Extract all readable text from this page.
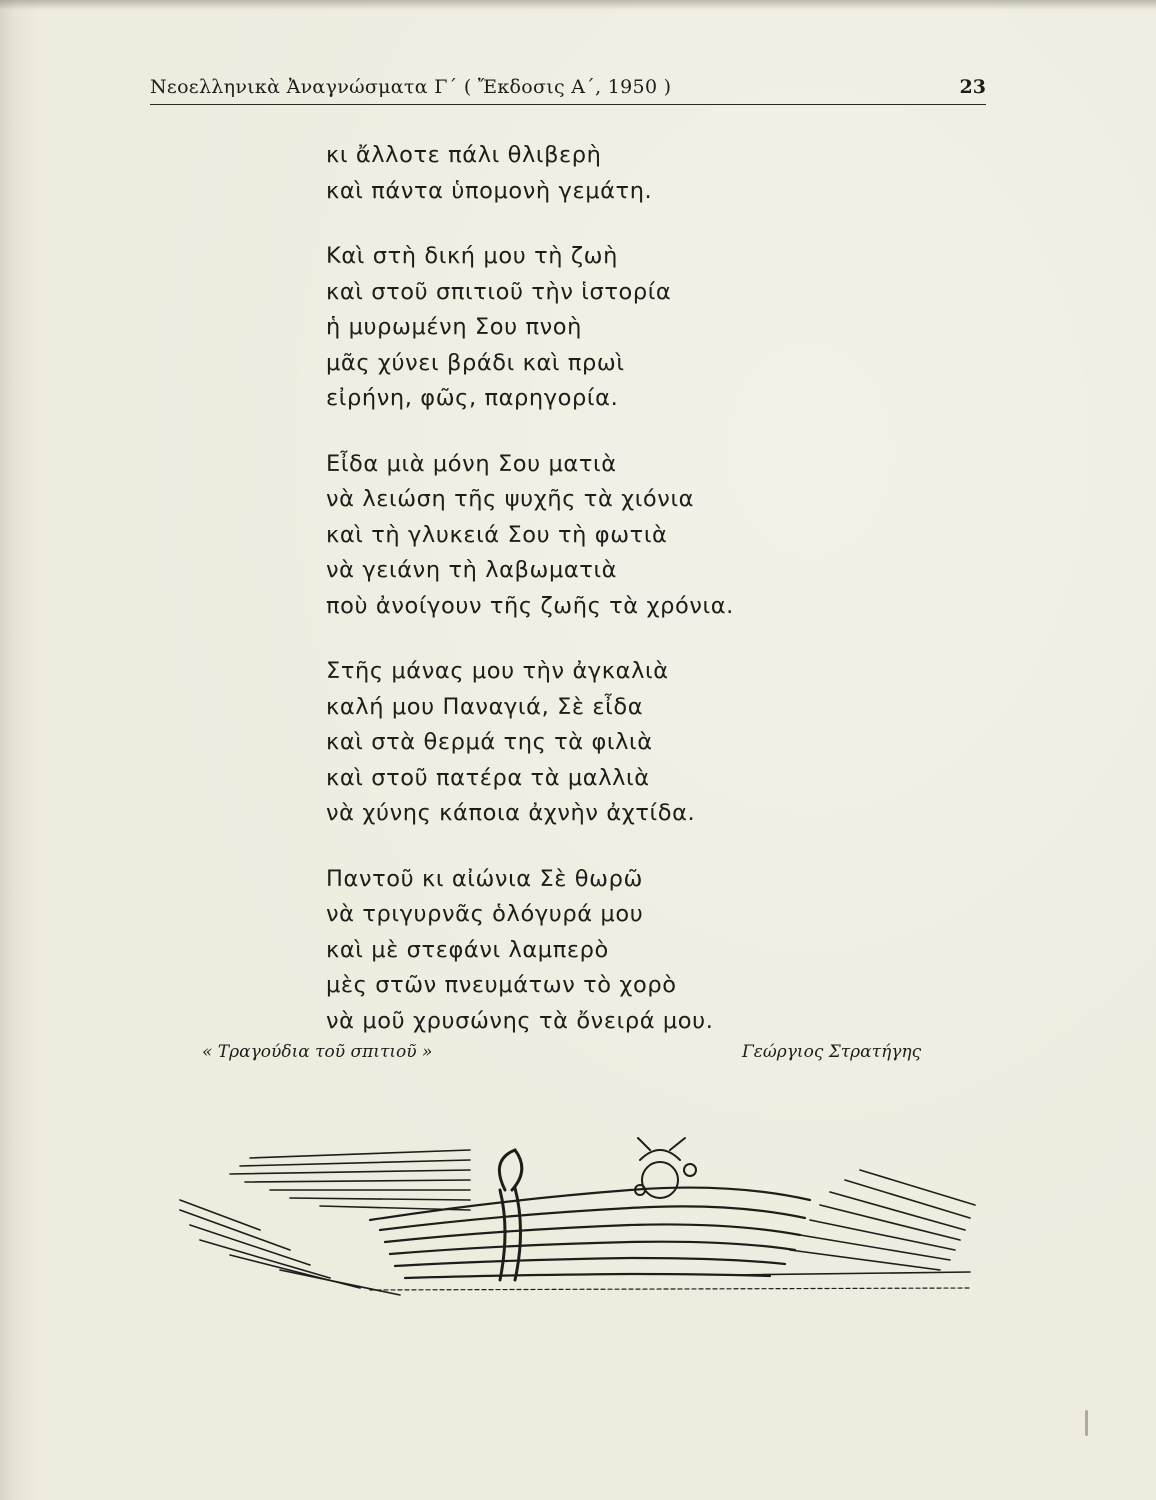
Νεοελληνικὰ Ἀναγνώσματα Γ΄ ( Ἔκδοσις Α΄, 1950 )	23
κι ἄλλοτε πάλι θλιβερὴ
καὶ πάντα ὑπομονὴ γεμάτη.
Καὶ στὴ δική μου τὴ ζωὴ
καὶ στοῦ σπιτιοῦ τὴν ἱστορία
ἡ μυρωμένη Σου πνοὴ
μᾶς χύνει βράδι καὶ πρωὶ
εἰρήνη, φῶς, παρηγορία.
Εἶδα μιὰ μόνη Σου ματιὰ
νὰ λειώση τῆς ψυχῆς τὰ χιόνια
καὶ τὴ γλυκειά Σου τὴ φωτιὰ
νὰ γειάνη τὴ λαβωματιὰ
ποὺ ἀνοίγουν τῆς ζωῆς τὰ χρόνια.
Στῆς μάνας μου τὴν ἀγκαλιὰ
καλή μου Παναγιά, Σὲ εἶδα
καὶ στὰ θερμά της τὰ φιλιὰ
καὶ στοῦ πατέρα τὰ μαλλιὰ
νὰ χύνης κάποια ἀχνὴν ἀχτίδα.
Παντοῦ κι αἰώνια Σὲ θωρῶ
νὰ τριγυρνᾶς ὁλόγυρά μου
καὶ μὲ στεφάνι λαμπερὸ
μὲς στῶν πνευμάτων τὸ χορὸ
νὰ μοῦ χρυσώνης τὰ ὄνειρά μου.
« Τραγούδια τοῦ σπιτιοῦ »	Γεώργιος Στρατήγης
